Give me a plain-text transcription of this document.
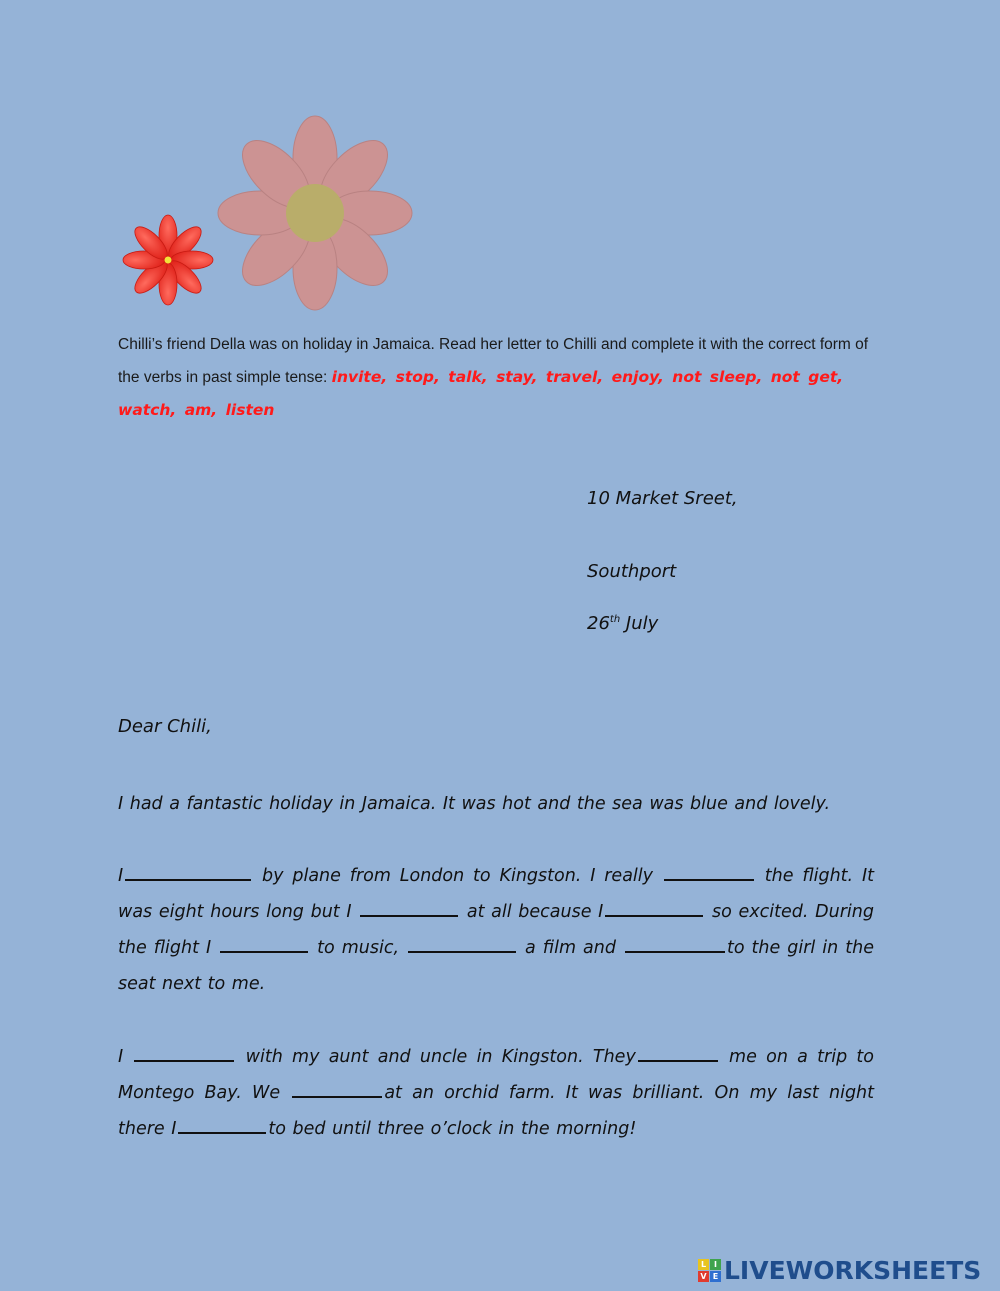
Chilli’s friend Della was on holiday in Jamaica. Read her letter to Chilli and complete it with the correct form of the verbs in past simple tense: invite, stop, talk, stay, travel, enjoy, not sleep, not get, watch, am, listen
10 Market Sreet,
Southport
26th July
Dear Chili,
I had a fantastic holiday in Jamaica. It was hot and the sea was blue and lovely.
I	by plane from London to Kingston. I really	the flight. It was eight hours long but I	at all because I	so excited. During the flight I	to music,	a film and	to the girl in the seat next to me.
I	with my aunt and uncle in Kingston. They	me on a trip to Montego Bay. We	at an orchid farm. It was brilliant. On my last night there I	to bed until three o’clock in the morning!
L I
V E LIVEWORKSHEETS
